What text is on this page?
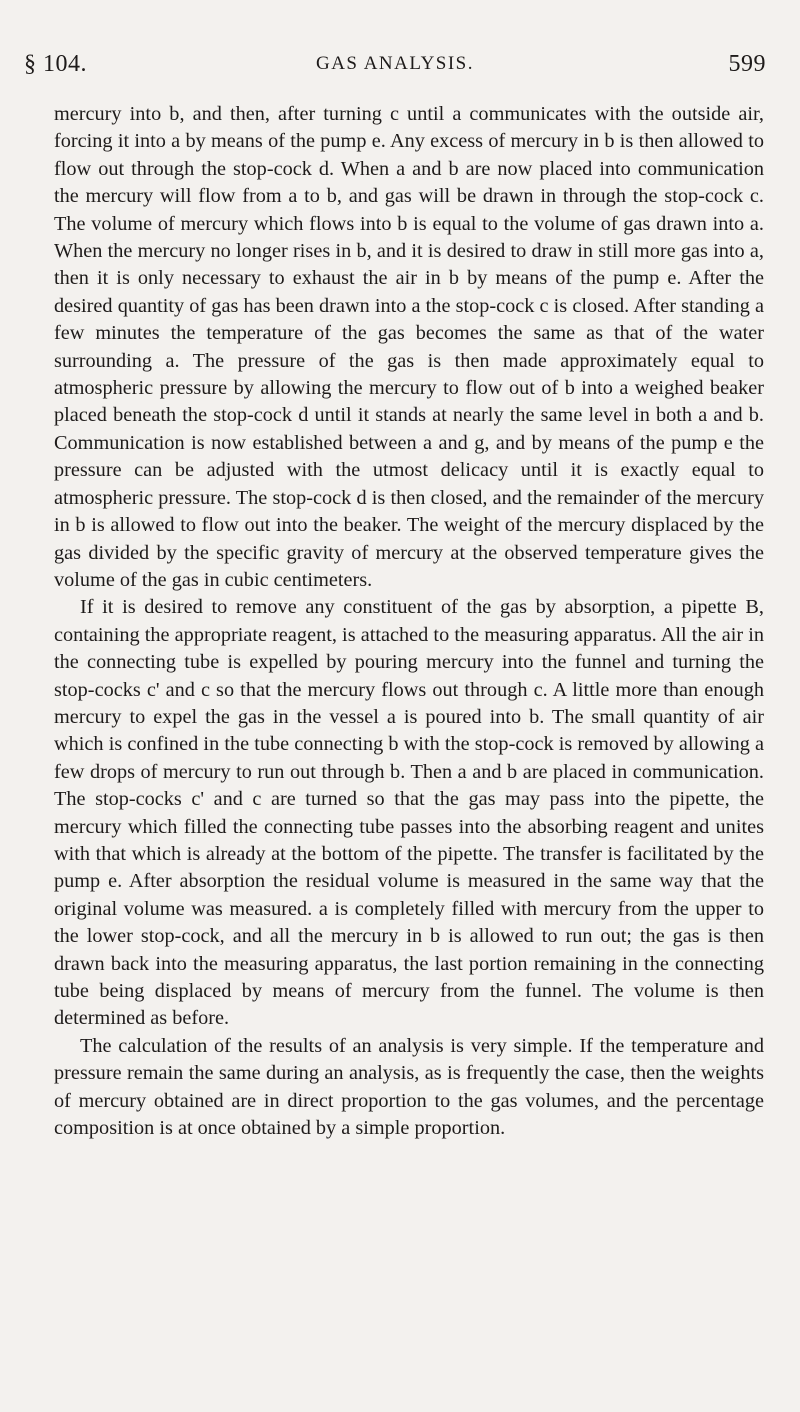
§ 104.	GAS ANALYSIS.	599

mercury into b, and then, after turning c until a communicates with the outside air, forcing it into a by means of the pump e. Any excess of mercury in b is then allowed to flow out through the stop-cock d. When a and b are now placed into communication the mercury will flow from a to b, and gas will be drawn in through the stop-cock c. The volume of mercury which flows into b is equal to the volume of gas drawn into a. When the mercury no longer rises in b, and it is desired to draw in still more gas into a, then it is only necessary to exhaust the air in b by means of the pump e. After the desired quantity of gas has been drawn into a the stop-cock c is closed. After standing a few minutes the temperature of the gas becomes the same as that of the water surrounding a. The pressure of the gas is then made approximately equal to atmospheric pressure by allowing the mercury to flow out of b into a weighed beaker placed beneath the stop-cock d until it stands at nearly the same level in both a and b. Communication is now established between a and g, and by means of the pump e the pressure can be adjusted with the utmost delicacy until it is exactly equal to atmospheric pressure. The stop-cock d is then closed, and the remainder of the mercury in b is allowed to flow out into the beaker. The weight of the mercury displaced by the gas divided by the specific gravity of mercury at the observed temperature gives the volume of the gas in cubic centimeters.

If it is desired to remove any constituent of the gas by absorption, a pipette B, containing the appropriate reagent, is attached to the measuring apparatus. All the air in the connecting tube is expelled by pouring mercury into the funnel and turning the stop-cocks c' and c so that the mercury flows out through c. A little more than enough mercury to expel the gas in the vessel a is poured into b. The small quantity of air which is confined in the tube connecting b with the stop-cock is removed by allowing a few drops of mercury to run out through b. Then a and b are placed in communication. The stop-cocks c' and c are turned so that the gas may pass into the pipette, the mercury which filled the connecting tube passes into the absorbing reagent and unites with that which is already at the bottom of the pipette. The transfer is facilitated by the pump e. After absorption the residual volume is measured in the same way that the original volume was measured. a is completely filled with mercury from the upper to the lower stop-cock, and all the mercury in b is allowed to run out; the gas is then drawn back into the measuring apparatus, the last portion remaining in the connecting tube being displaced by means of mercury from the funnel. The volume is then determined as before.

The calculation of the results of an analysis is very simple. If the temperature and pressure remain the same during an analysis, as is frequently the case, then the weights of mercury obtained are in direct proportion to the gas volumes, and the percentage composition is at once obtained by a simple proportion.
